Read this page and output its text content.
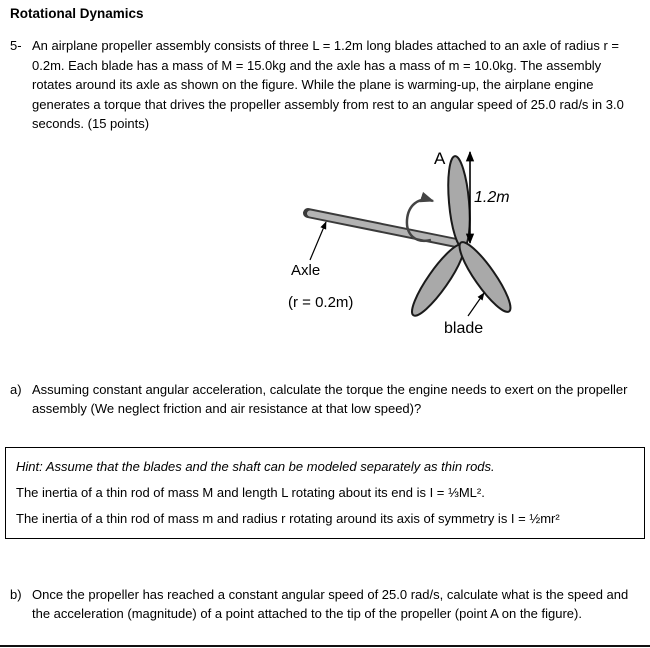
Rotational Dynamics
5- An airplane propeller assembly consists of three L = 1.2m long blades attached to an axle of radius r = 0.2m. Each blade has a mass of M = 15.0kg and the axle has a mass of m = 10.0kg. The assembly rotates around its axle as shown on the figure. While the plane is warming-up, the airplane engine generates a torque that drives the propeller assembly from rest to an angular speed of 25.0 rad/s in 3.0 seconds. (15 points)
A
1.2m
Axle
(r = 0.2m)
blade
a) Assuming constant angular acceleration, calculate the torque the engine needs to exert on the propeller assembly (We neglect friction and air resistance at that low speed)?
Hint: Assume that the blades and the shaft can be modeled separately as thin rods.
The inertia of a thin rod of mass M and length L rotating about its end is I = ⅓ML².
The inertia of a thin rod of mass m and radius r rotating around its axis of symmetry is I = ½mr²
b) Once the propeller has reached a constant angular speed of 25.0 rad/s, calculate what is the speed and the acceleration (magnitude) of a point attached to the tip of the propeller (point A on the figure).
